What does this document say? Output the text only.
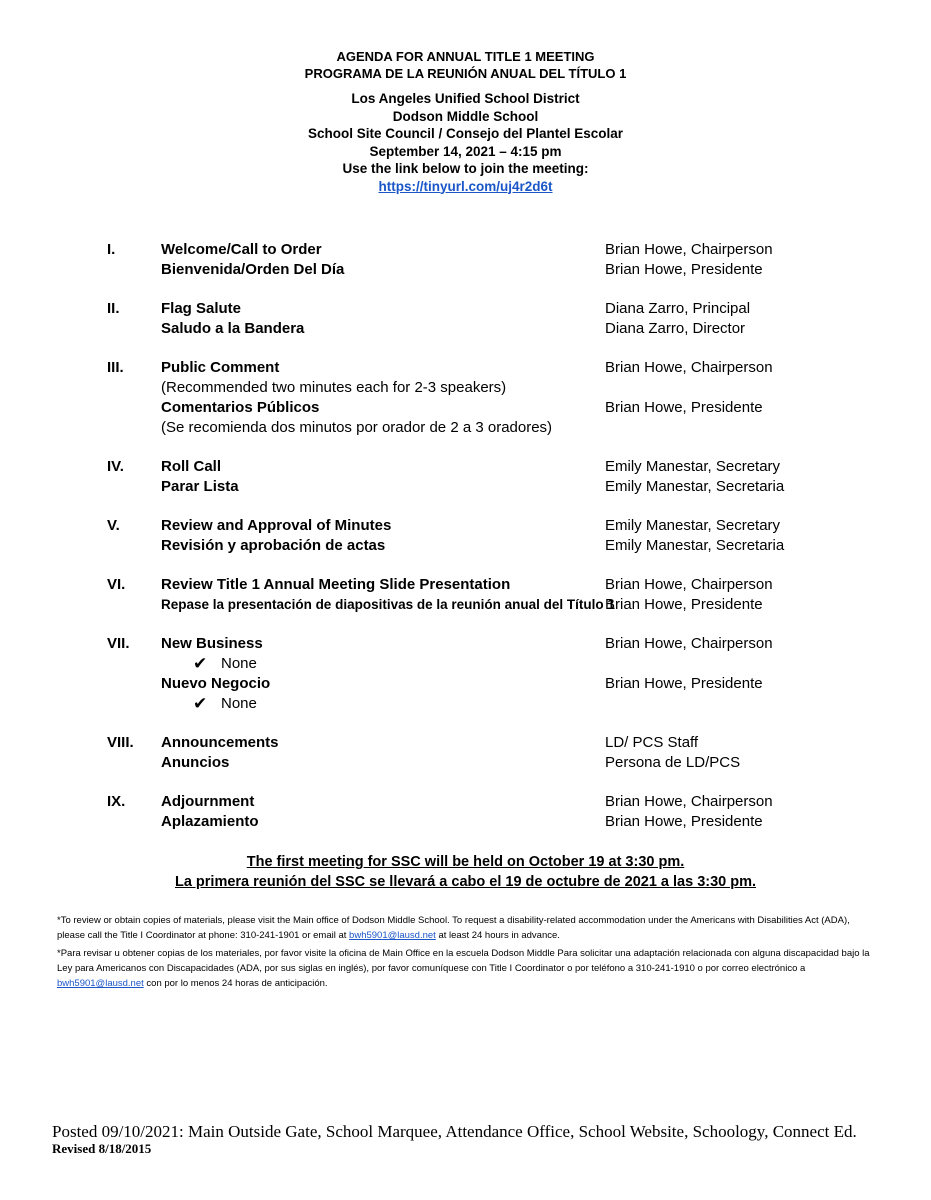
AGENDA FOR ANNUAL TITLE 1 MEETING
PROGRAMA DE LA REUNIÓN ANUAL DEL TÍTULO 1
Los Angeles Unified School District
Dodson Middle School
School Site Council / Consejo del Plantel Escolar
September 14, 2021 – 4:15 pm
Use the link below to join the meeting:
https://tinyurl.com/uj4r2d6t
I.	Welcome/Call to Order	Brian Howe, Chairperson
Bienvenida/Orden Del Día	Brian Howe, Presidente
II.	Flag Salute	Diana Zarro, Principal
Saludo a la Bandera	Diana Zarro, Director
III. Public Comment	Brian Howe, Chairperson
(Recommended two minutes each for 2-3 speakers)
Comentarios Públicos	Brian Howe, Presidente
(Se recomienda dos minutos por orador de 2 a 3 oradores)
IV. Roll Call	Emily Manestar, Secretary
Parar Lista	Emily Manestar, Secretaria
V.	Review and Approval of Minutes	Emily Manestar, Secretary
Revisión y aprobación de actas	Emily Manestar, Secretaria
VI. Review Title 1 Annual Meeting Slide Presentation	Brian Howe, Chairperson
Repase la presentación de diapositivas de la reunión anual del Título 1
Brian Howe, Presidente
VII. New Business	Brian Howe, Chairperson
✔ None
Nuevo Negocio	Brian Howe, Presidente
✔ None
VIII. Announcements	LD/ PCS Staff
Anuncios	Persona de LD/PCS
IX. Adjournment	Brian Howe, Chairperson
Aplazamiento	Brian Howe, Presidente
The first meeting for SSC will be held on October 19 at 3:30 pm.
La primera reunión del SSC se llevará a cabo el 19 de octubre de 2021 a las 3:30 pm.
*To review or obtain copies of materials, please visit the Main office of Dodson Middle School. To request a disability-related accommodation under the Americans with Disabilities Act (ADA), please call the Title I Coordinator at phone: 310-241-1901 or email at bwh5901@lausd.net at least 24 hours in advance.
*Para revisar u obtener copias de los materiales, por favor visite la oficina de Main Office en la escuela Dodson Middle Para solicitar una adaptación relacionada con alguna discapacidad bajo la Ley para Americanos con Discapacidades (ADA, por sus siglas en inglés), por favor comuníquese con Title I Coordinator o por teléfono a 310-241-1910 o por correo electrónico a bwh5901@lausd.net con por lo menos 24 horas de anticipación.
Posted 09/10/2021: Main Outside Gate, School Marquee, Attendance Office, School Website, Schoology, Connect Ed.
Revised 8/18/2015
